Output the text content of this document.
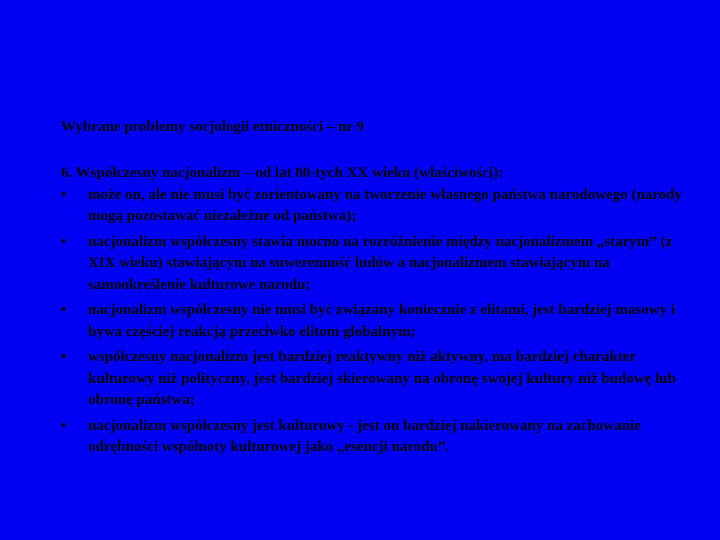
Wybrane problemy socjologii etniczności – nr 9
6. Współczesny nacjonalizm – od lat 80-tych XX wieku (właściwości):
•	może on, ale nie musi być zorientowany na tworzenie własnego państwa narodowego (narody mogą pozostawać niezależne od państwa);
•	nacjonalizm współczesny stawia mocno na rozróżnienie między nacjonalizmem „starym” (z XIX wieku) stawiającym na suwerenność ludów a nacjonalizmem stawiającym na samookreślenie kulturowe narodu;
•	nacjonalizm współczesny nie musi być związany koniecznie z elitami, jest bardziej masowy i bywa częściej reakcją przeciwko elitom globalnym;
•	współczesny nacjonalizm jest bardziej reaktywny niż aktywny, ma bardziej charakter kulturowy niż polityczny, jest bardziej skierowany na obronę swojej kultury niż budowę lub obronę państwa;
•	nacjonalizm współczesny jest kulturowy - jest on bardziej nakierowany na zachowanie odrębności wspólnoty kulturowej jako „esencji narodu”.
